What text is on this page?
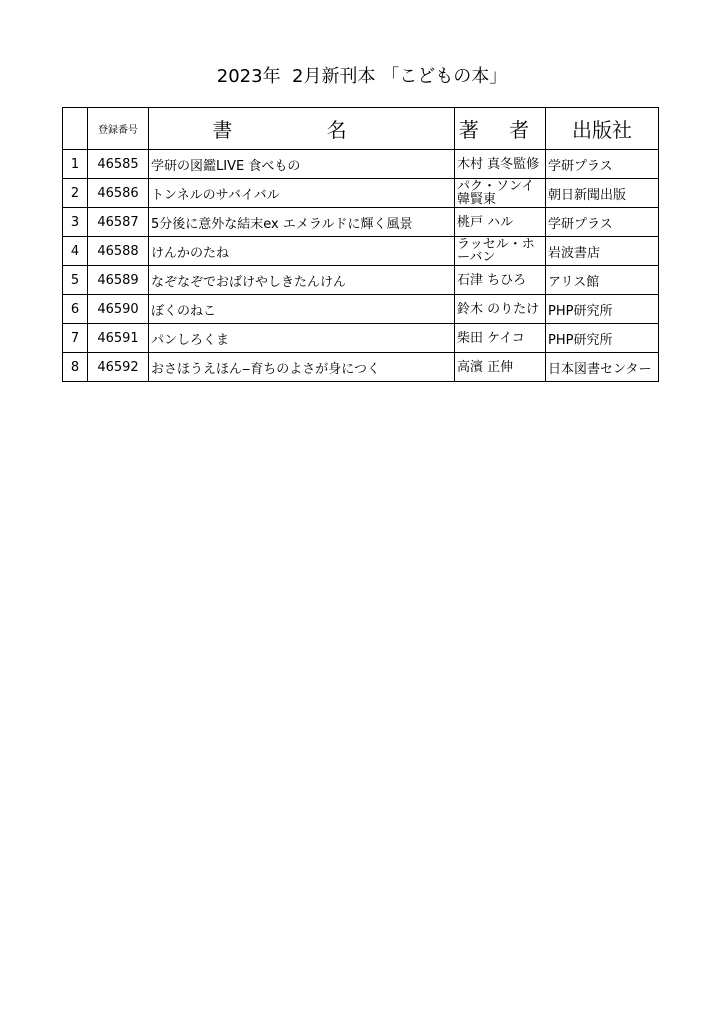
2023年  2月新刊本 「こどもの本」
	登録番号	書 名	著 者	出版社
1	46585	学研の図鑑LIVE 食べもの	木村 真冬監修	学研プラス
2	46586	トンネルのサバイバル	パク・ソンイ 韓賢東	朝日新聞出版
3	46587	5分後に意外な結末ex エメラルドに輝く風景	桃戸 ハル	学研プラス
4	46588	けんかのたね	ラッセル・ホーバン	岩波書店
5	46589	なぞなぞでおばけやしきたんけん	石津 ちひろ	アリス館
6	46590	ぼくのねこ	鈴木 のりたけ	PHP研究所
7	46591	パンしろくま	柴田 ケイコ	PHP研究所
8	46592	おさほうえほん‒育ちのよさが身につく	高濱 正伸	日本図書センター
